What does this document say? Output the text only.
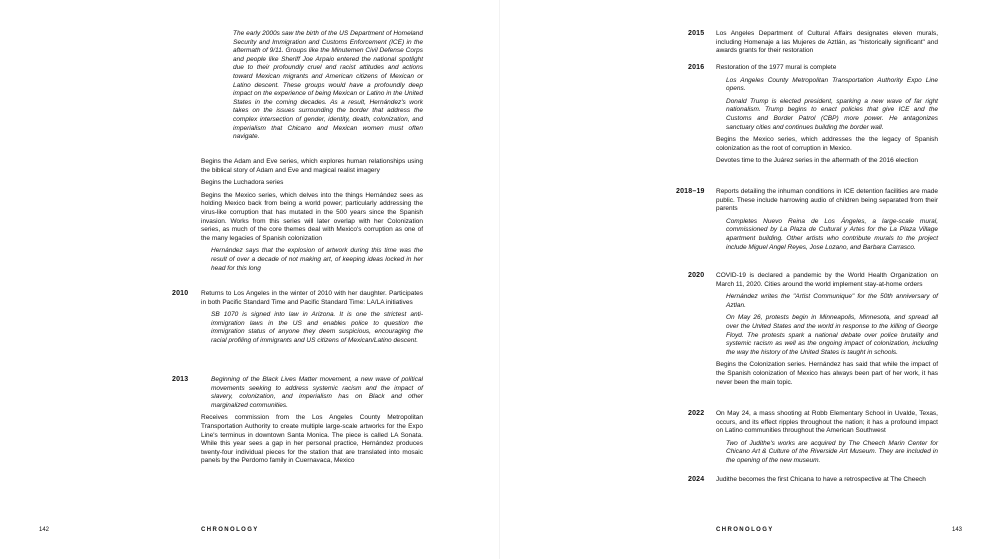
The early 2000s saw the birth of the US Department of Homeland Security and Immigration and Customs Enforcement (ICE) in the aftermath of 9/11. Groups like the Minutemen Civil Defense Corps and people like Sheriff Joe Arpaio entered the national spotlight due to their profoundly cruel and racist attitudes and actions toward Mexican migrants and American citizens of Mexican or Latino descent. These groups would have a profoundly deep impact on the experience of being Mexican or Latino in the United States in the coming decades. As a result, Hernández's work takes on the issues surrounding the border that address the complex intersection of gender, identity, death, colonization, and imperialism that Chicano and Mexican women must often navigate.

Begins the Adam and Eve series, which explores human relationships using the biblical story of Adam and Eve and magical realist imagery

Begins the Luchadora series

Begins the Mexico series, which delves into the things Hernández sees as holding Mexico back from being a world power; particularly addressing the virus-like corruption that has mutated in the 500 years since the Spanish invasion. Works from this series will later overlap with her Colonization series, as much of the core themes deal with Mexico's corruption as one of the many legacies of Spanish colonization

Hernández says that the explosion of artwork during this time was the result of over a decade of not making art, of keeping ideas locked in her head for this long

2010 Returns to Los Angeles in the winter of 2010 with her daughter. Participates in both Pacific Standard Time and Pacific Standard Time: LA/LA initiatives

SB 1070 is signed into law in Arizona. It is one the strictest anti-immigration laws in the US and enables police to question the immigration status of anyone they deem suspicious, encouraging the racial profiling of immigrants and US citizens of Mexican/Latino descent.

2013	Beginning of the Black Lives Matter movement, a new wave of political movements seeking to address systemic racism and the impact of slavery, colonization, and imperialism has on Black and other marginalized communities.

Receives commission from the Los Angeles County Metropolitan Transportation Authority to create multiple large-scale artworks for the Expo Line's terminus in downtown Santa Monica. The piece is called LA Sonata. While this year sees a gap in her personal practice, Hernández produces twenty-four individual pieces for the station that are translated into mosaic panels by the Perdomo family in Cuernavaca, Mexico

142	CHRONOLOGY
2015 Los Angeles Department of Cultural Affairs designates eleven murals, including Homenaje a las Mujeres de Aztlán, as "historically significant" and awards grants for their restoration

2016 Restoration of the 1977 mural is complete

Los Angeles County Metropolitan Transportation Authority Expo Line opens.

Donald Trump is elected president, sparking a new wave of far right nationalism. Trump begins to enact policies that give ICE and the Customs and Border Patrol (CBP) more power. He antagonizes sanctuary cities and continues building the border wall.

Begins the Mexico series, which addresses the the legacy of Spanish colonization as the root of corruption in Mexico.

Devotes time to the Juárez series in the aftermath of the 2016 election

2018–19 Reports detailing the inhuman conditions in ICE detention facilities are made public. These include harrowing audio of children being separated from their parents

Completes Nuevo Reina de Los Ángeles, a large-scale mural, commissioned by La Plaza de Cultural y Artes for the La Plaza Village apartment building. Other artists who contribute murals to the project include Miguel Angel Reyes, Jose Lozano, and Barbara Carrasco.

2020 COVID-19 is declared a pandemic by the World Health Organization on March 11, 2020. Cities around the world implement stay-at-home orders

Hernández writes the "Artist Communique" for the 50th anniversary of Aztlan.

On May 26, protests begin in Minneapolis, Minnesota, and spread all over the United States and the world in response to the killing of George Floyd. The protests spark a national debate over police brutality and systemic racism as well as the ongoing impact of colonization, including the way the history of the United States is taught in schools.

Begins the Colonization series. Hernández has said that while the impact of the Spanish colonization of Mexico has always been part of her work, it has never been the main topic.

2022 On May 24, a mass shooting at Robb Elementary School in Uvalde, Texas, occurs, and its effect ripples throughout the nation; it has a profound impact on Latino communities throughout the American Southwest

Two of Judithe's works are acquired by The Cheech Marin Center for Chicano Art & Culture of the Riverside Art Museum. They are included in the opening of the new museum.

2024 Judithe becomes the first Chicana to have a retrospective at The Cheech

CHRONOLOGY	143
